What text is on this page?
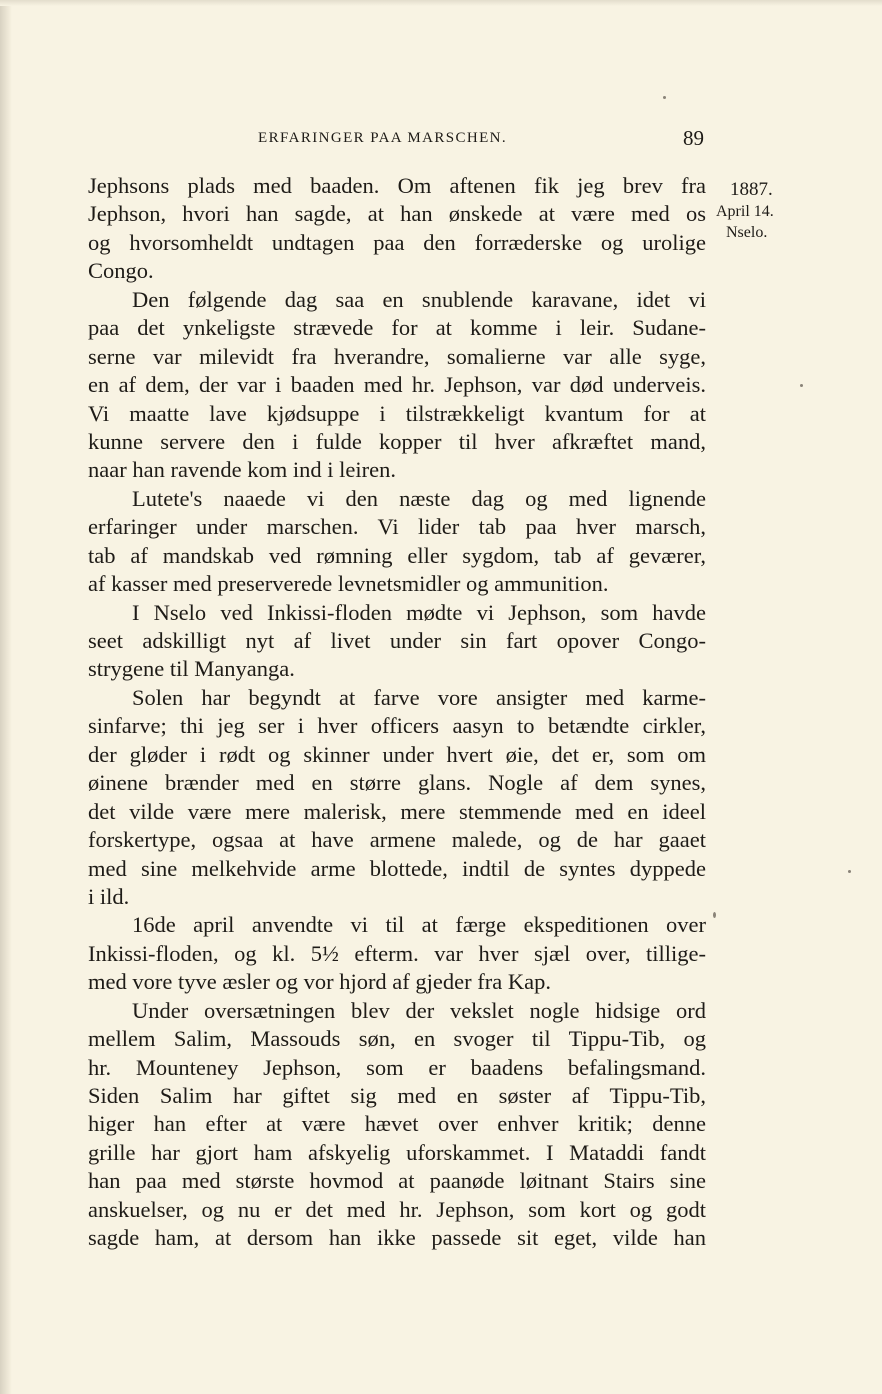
ERFARINGER PAA MARSCHEN.	89
1887.
April 14.
Nselo.
Jephsons plads med baaden. Om aftenen fik jeg brev fra
Jephson, hvori han sagde, at han ønskede at være med os
og hvorsomheldt undtagen paa den forræderske og urolige
Congo.
Den følgende dag saa en snublende karavane, idet vi
paa det ynkeligste strævede for at komme i leir. Sudane-
serne var milevidt fra hverandre, somalierne var alle syge,
en af dem, der var i baaden med hr. Jephson, var død underveis.
Vi maatte lave kjødsuppe i tilstrækkeligt kvantum for at
kunne servere den i fulde kopper til hver afkræftet mand,
naar han ravende kom ind i leiren.
Lutete's naaede vi den næste dag og med lignende
erfaringer under marschen. Vi lider tab paa hver marsch,
tab af mandskab ved rømning eller sygdom, tab af geværer,
af kasser med preserverede levnetsmidler og ammunition.
I Nselo ved Inkissi-floden mødte vi Jephson, som havde
seet adskilligt nyt af livet under sin fart opover Congo-
strygene til Manyanga.
Solen har begyndt at farve vore ansigter med karme-
sinfarve; thi jeg ser i hver officers aasyn to betændte cirkler,
der gløder i rødt og skinner under hvert øie, det er, som om
øinene brænder med en større glans. Nogle af dem synes,
det vilde være mere malerisk, mere stemmende med en ideel
forskertype, ogsaa at have armene malede, og de har gaaet
med sine melkehvide arme blottede, indtil de syntes dyppede
i ild.
16de april anvendte vi til at færge ekspeditionen over
Inkissi-floden, og kl. 5½ efterm. var hver sjæl over, tillige-
med vore tyve æsler og vor hjord af gjeder fra Kap.
Under oversætningen blev der vekslet nogle hidsige ord
mellem Salim, Massouds søn, en svoger til Tippu-Tib, og
hr. Mounteney Jephson, som er baadens befalingsmand.
Siden Salim har giftet sig med en søster af Tippu-Tib,
higer han efter at være hævet over enhver kritik; denne
grille har gjort ham afskyelig uforskammet. I Mataddi fandt
han paa med største hovmod at paanøde løitnant Stairs sine
anskuelser, og nu er det med hr. Jephson, som kort og godt
sagde ham, at dersom han ikke passede sit eget, vilde han
